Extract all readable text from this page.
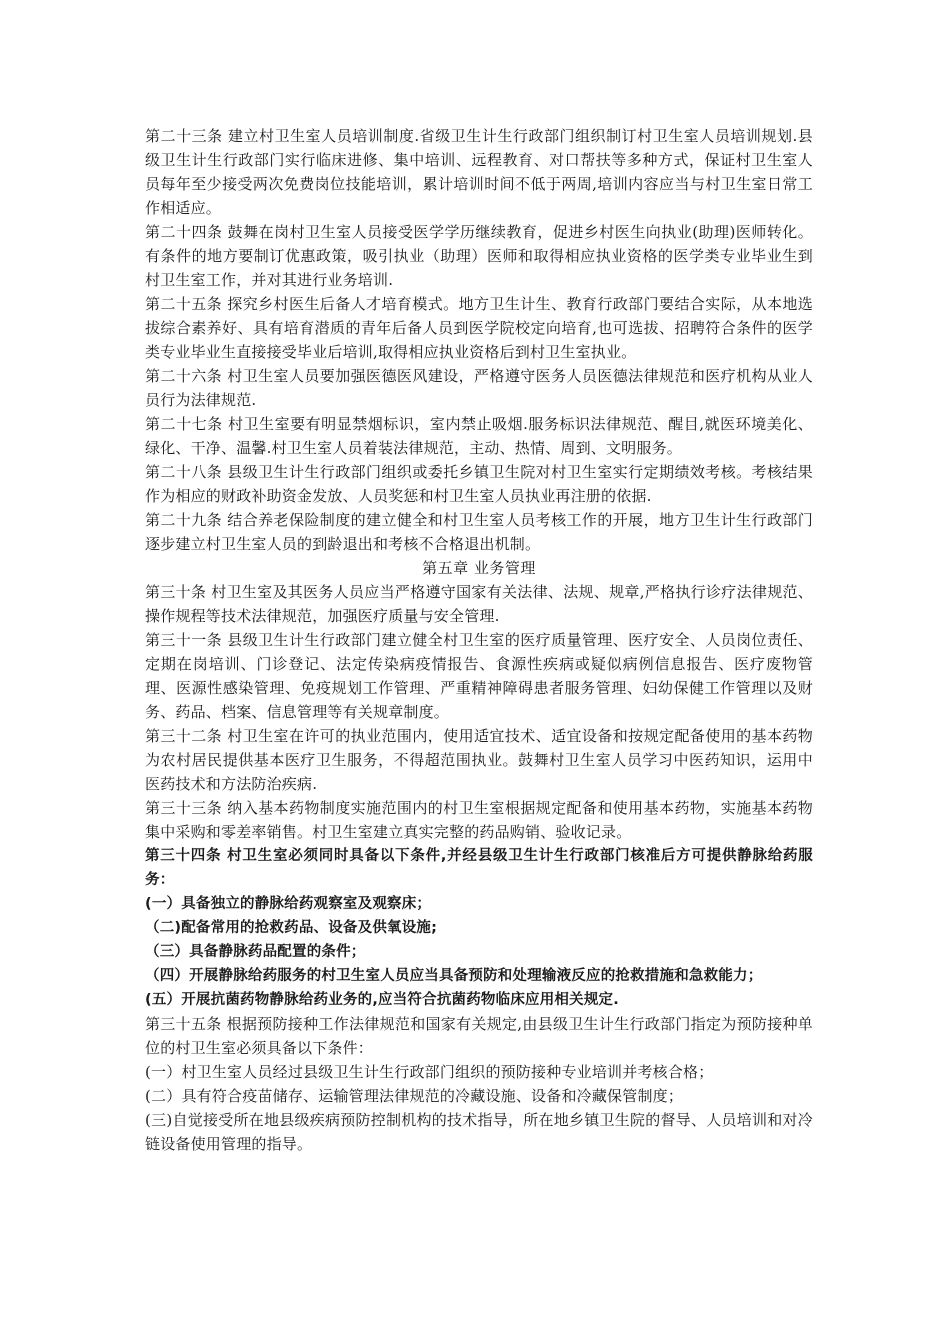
第二十三条 建立村卫生室人员培训制度.省级卫生计生行政部门组织制订村卫生室人员培训规划.县级卫生计生行政部门实行临床进修、集中培训、远程教育、对口帮扶等多种方式，保证村卫生室人员每年至少接受两次免费岗位技能培训，累计培训时间不低于两周,培训内容应当与村卫生室日常工作相适应。

第二十四条 鼓舞在岗村卫生室人员接受医学学历继续教育，促进乡村医生向执业(助理)医师转化。有条件的地方要制订优惠政策，吸引执业（助理）医师和取得相应执业资格的医学类专业毕业生到村卫生室工作，并对其进行业务培训.

第二十五条 探究乡村医生后备人才培育模式。地方卫生计生、教育行政部门要结合实际，从本地选拔综合素养好、具有培育潜质的青年后备人员到医学院校定向培育,也可选拔、招聘符合条件的医学类专业毕业生直接接受毕业后培训,取得相应执业资格后到村卫生室执业。

第二十六条 村卫生室人员要加强医德医风建设，严格遵守医务人员医德法律规范和医疗机构从业人员行为法律规范.

第二十七条 村卫生室要有明显禁烟标识，室内禁止吸烟.服务标识法律规范、醒目,就医环境美化、绿化、干净、温馨.村卫生室人员着装法律规范，主动、热情、周到、文明服务。

第二十八条 县级卫生计生行政部门组织或委托乡镇卫生院对村卫生室实行定期绩效考核。考核结果作为相应的财政补助资金发放、人员奖惩和村卫生室人员执业再注册的依据.

第二十九条 结合养老保险制度的建立健全和村卫生室人员考核工作的开展，地方卫生计生行政部门逐步建立村卫生室人员的到龄退出和考核不合格退出机制。

第五章 业务管理

第三十条 村卫生室及其医务人员应当严格遵守国家有关法律、法规、规章,严格执行诊疗法律规范、操作规程等技术法律规范，加强医疗质量与安全管理.

第三十一条 县级卫生计生行政部门建立健全村卫生室的医疗质量管理、医疗安全、人员岗位责任、定期在岗培训、门诊登记、法定传染病疫情报告、食源性疾病或疑似病例信息报告、医疗废物管理、医源性感染管理、免疫规划工作管理、严重精神障碍患者服务管理、妇幼保健工作管理以及财务、药品、档案、信息管理等有关规章制度。

第三十二条 村卫生室在许可的执业范围内，使用适宜技术、适宜设备和按规定配备使用的基本药物为农村居民提供基本医疗卫生服务，不得超范围执业。鼓舞村卫生室人员学习中医药知识，运用中医药技术和方法防治疾病.

第三十三条 纳入基本药物制度实施范围内的村卫生室根据规定配备和使用基本药物，实施基本药物集中采购和零差率销售。村卫生室建立真实完整的药品购销、验收记录。

第三十四条 村卫生室必须同时具备以下条件,并经县级卫生计生行政部门核准后方可提供静脉给药服务：

(一）具备独立的静脉给药观察室及观察床；

（二)配备常用的抢救药品、设备及供氧设施;

（三）具备静脉药品配置的条件；

（四）开展静脉给药服务的村卫生室人员应当具备预防和处理输液反应的抢救措施和急救能力；

(五）开展抗菌药物静脉给药业务的,应当符合抗菌药物临床应用相关规定.

第三十五条 根据预防接种工作法律规范和国家有关规定,由县级卫生计生行政部门指定为预防接种单位的村卫生室必须具备以下条件：

(一）村卫生室人员经过县级卫生计生行政部门组织的预防接种专业培训并考核合格；

(二）具有符合疫苗储存、运输管理法律规范的冷藏设施、设备和冷藏保管制度；

(三)自觉接受所在地县级疾病预防控制机构的技术指导，所在地乡镇卫生院的督导、人员培训和对冷链设备使用管理的指导。
